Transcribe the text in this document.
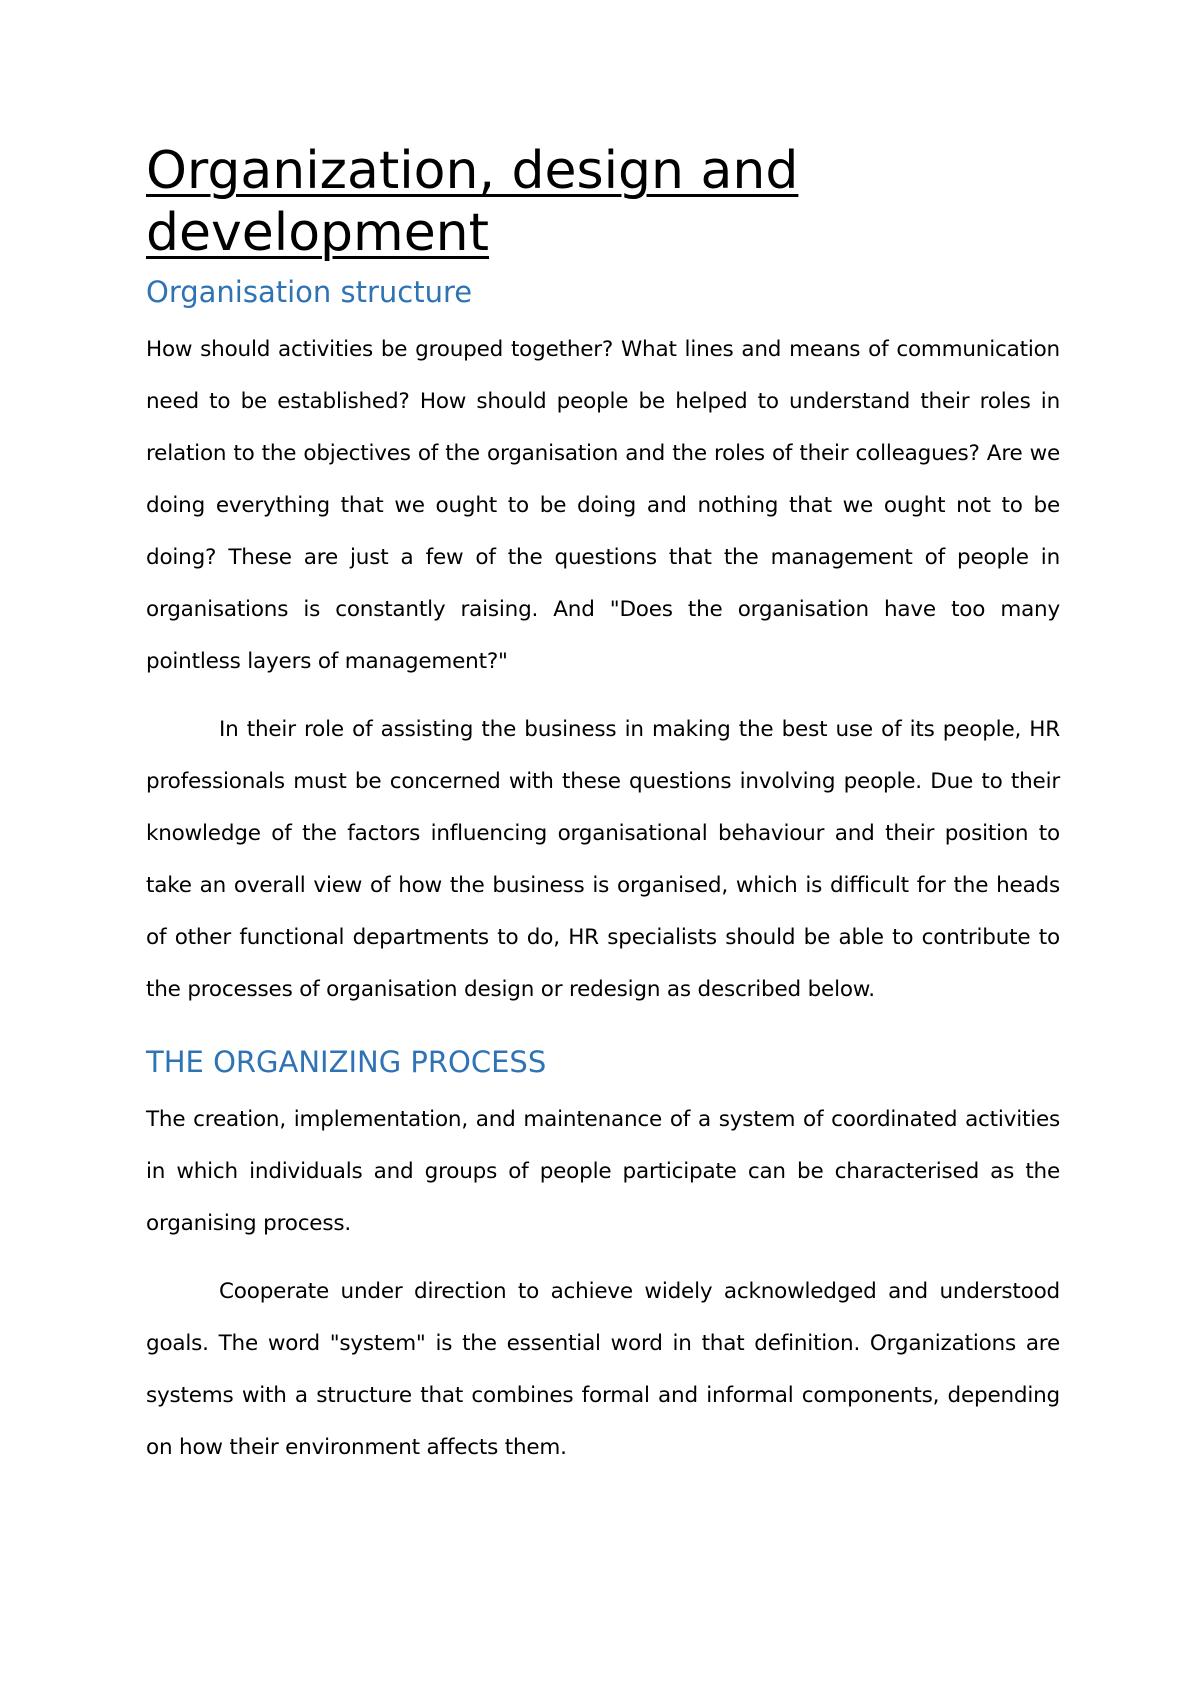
Organization, design and development
Organisation structure

How should activities be grouped together? What lines and means of communication need to be established? How should people be helped to understand their roles in relation to the objectives of the organisation and the roles of their colleagues? Are we doing everything that we ought to be doing and nothing that we ought not to be doing? These are just a few of the questions that the management of people in organisations is constantly raising. And "Does the organisation have too many pointless layers of management?"

In their role of assisting the business in making the best use of its people, HR professionals must be concerned with these questions involving people. Due to their knowledge of the factors influencing organisational behaviour and their position to take an overall view of how the business is organised, which is difficult for the heads of other functional departments to do, HR specialists should be able to contribute to the processes of organisation design or redesign as described below.

THE ORGANIZING PROCESS

The creation, implementation, and maintenance of a system of coordinated activities in which individuals and groups of people participate can be characterised as the organising process.

Cooperate under direction to achieve widely acknowledged and understood goals. The word "system" is the essential word in that definition. Organizations are systems with a structure that combines formal and informal components, depending on how their environment affects them.
